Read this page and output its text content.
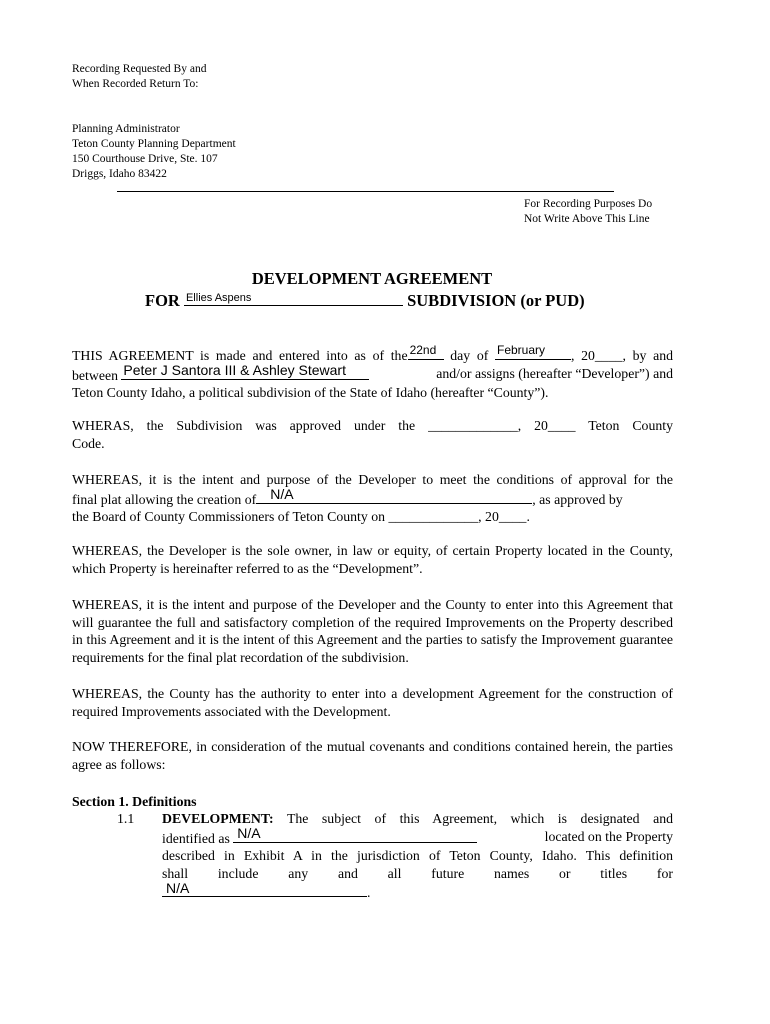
Recording Requested By and
When Recorded Return To:
Planning Administrator
Teton County Planning Department
150 Courthouse Drive, Ste. 107
Driggs, Idaho 83422
For Recording Purposes Do
Not Write Above This Line
DEVELOPMENT AGREEMENT
FOR Ellies Aspens	SUBDIVISION (or PUD)
THIS AGREEMENT is made and entered into as of the 22nd day of February , 20____, by and
between Peter J Santora III & Ashley Stewart	and/or assigns (hereafter “Developer”) and
Teton County Idaho, a political subdivision of the State of Idaho (hereafter “County”).
WHERAS, the Subdivision was approved under the _____________, 20____ Teton County
Code.
WHEREAS, it is the intent and purpose of the Developer to meet the conditions of approval for the
final plat allowing the creation of N/A	, as approved by
the Board of County Commissioners of Teton County on _____________, 20____.
WHEREAS, the Developer is the sole owner, in law or equity, of certain Property located in the County, which Property is hereinafter referred to as the “Development”.
WHEREAS, it is the intent and purpose of the Developer and the County to enter into this Agreement that will guarantee the full and satisfactory completion of the required Improvements on the Property described in this Agreement and it is the intent of this Agreement and the parties to satisfy the Improvement guarantee requirements for the final plat recordation of the subdivision.
WHEREAS, the County has the authority to enter into a development Agreement for the construction of required Improvements associated with the Development.
NOW THEREFORE, in consideration of the mutual covenants and conditions contained herein, the parties agree as follows:
Section 1. Definitions
1.1 DEVELOPMENT: The subject of this Agreement, which is designated and
identified as N/A	located on the Property
described in Exhibit A in the jurisdiction of Teton County, Idaho. This definition
shall include any and all future names or titles for
N/A	.
